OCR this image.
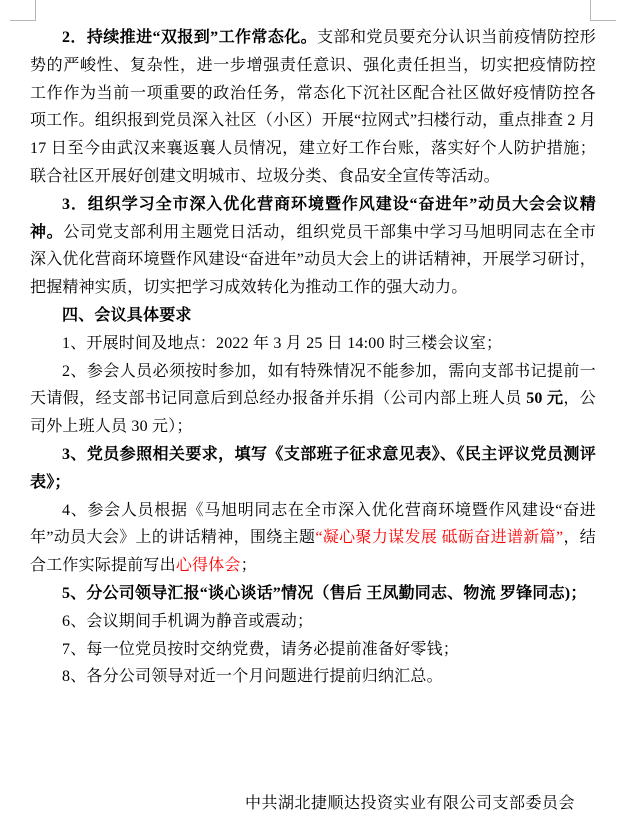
2．持续推进“双报到”工作常态化。支部和党员要充分认识当前疫情防控形势的严峻性、复杂性，进一步增强责任意识、强化责任担当，切实把疫情防控工作作为当前一项重要的政治任务，常态化下沉社区配合社区做好疫情防控各项工作。组织报到党员深入社区（小区）开展“拉网式”扫楼行动，重点排查 2 月 17 日至今由武汉来襄返襄人员情况，建立好工作台账，落实好个人防护措施；联合社区开展好创建文明城市、垃圾分类、食品安全宣传等活动。

3．组织学习全市深入优化营商环境暨作风建设“奋进年”动员大会会议精神。公司党支部利用主题党日活动，组织党员干部集中学习马旭明同志在全市深入优化营商环境暨作风建设“奋进年”动员大会上的讲话精神，开展学习研讨，把握精神实质，切实把学习成效转化为推动工作的强大动力。

四、会议具体要求

1、开展时间及地点：2022 年 3 月 25 日 14:00 时三楼会议室；

2、参会人员必须按时参加，如有特殊情况不能参加，需向支部书记提前一天请假，经支部书记同意后到总经办报备并乐捐（公司内部上班人员 50 元，公司外上班人员 30 元）；

3、党员参照相关要求，填写《支部班子征求意见表》、《民主评议党员测评表》；

4、参会人员根据《马旭明同志在全市深入优化营商环境暨作风建设“奋进年”动员大会》上的讲话精神，围绕主题“凝心聚力谋发展 砥砺奋进谱新篇”，结合工作实际提前写出心得体会；

5、分公司领导汇报“谈心谈话”情况（售后 王凤勤同志、物流 罗锋同志)；

6、会议期间手机调为静音或震动；

7、每一位党员按时交纳党费，请务必提前准备好零钱；

8、各分公司领导对近一个月问题进行提前归纳汇总。

中共湖北捷顺达投资实业有限公司支部委员会
